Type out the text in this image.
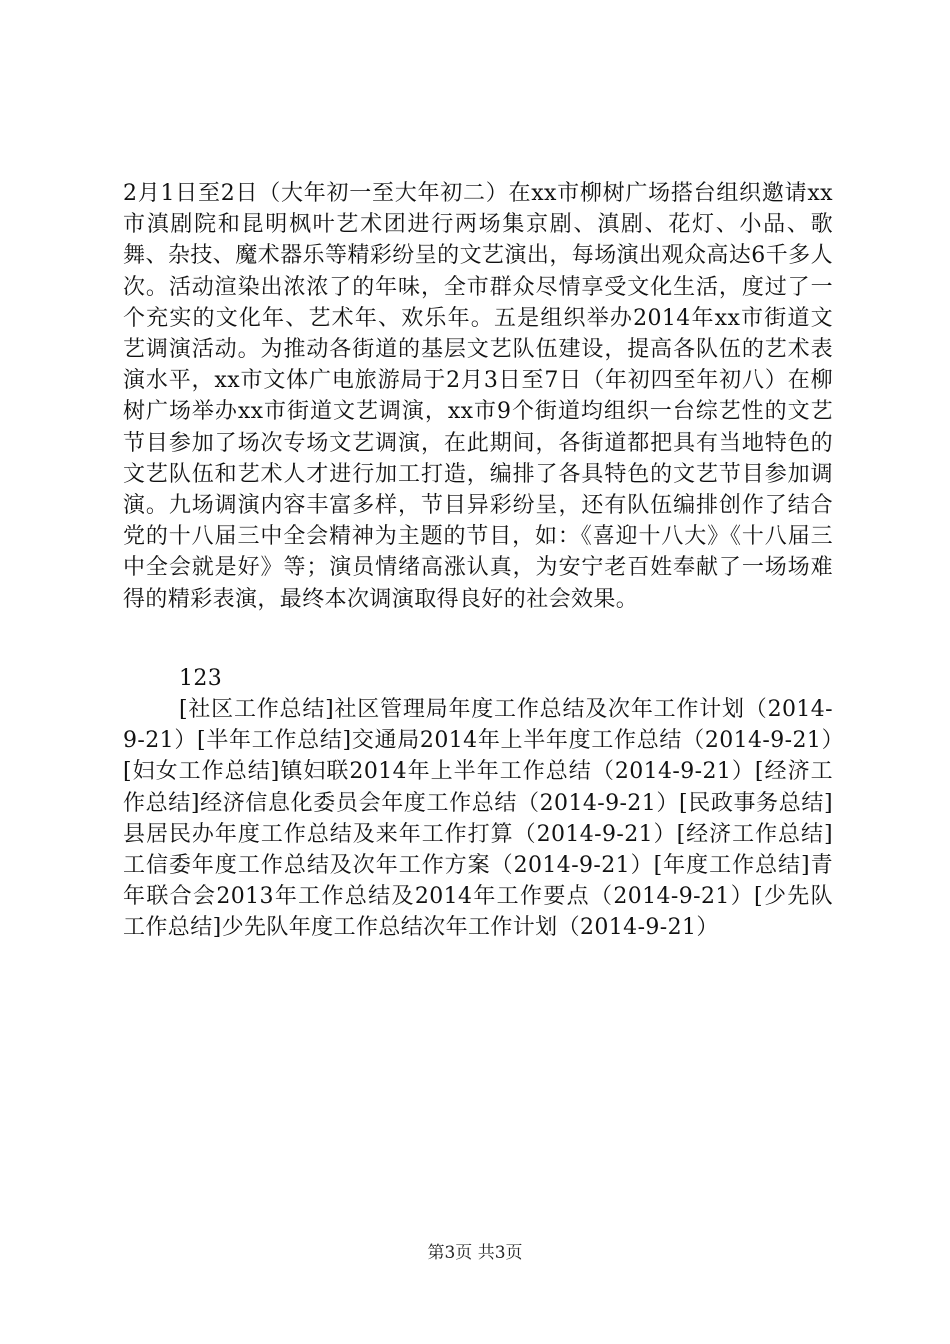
2月1日至2日（大年初一至大年初二）在xx市柳树广场搭台组织邀请xx市滇剧院和昆明枫叶艺术团进行两场集京剧、滇剧、花灯、小品、歌舞、杂技、魔术器乐等精彩纷呈的文艺演出，每场演出观众高达6千多人次。活动渲染出浓浓了的年味，全市群众尽情享受文化生活，度过了一个充实的文化年、艺术年、欢乐年。五是组织举办2014年xx市街道文艺调演活动。为推动各街道的基层文艺队伍建设，提高各队伍的艺术表演水平，xx市文体广电旅游局于2月3日至7日（年初四至年初八）在柳树广场举办xx市街道文艺调演，xx市9个街道均组织一台综艺性的文艺节目参加了场次专场文艺调演，在此期间，各街道都把具有当地特色的文艺队伍和艺术人才进行加工打造，编排了各具特色的文艺节目参加调演。九场调演内容丰富多样，节目异彩纷呈，还有队伍编排创作了结合党的十八届三中全会精神为主题的节目，如：《喜迎十八大》《十八届三中全会就是好》等；演员情绪高涨认真，为安宁老百姓奉献了一场场难得的精彩表演，最终本次调演取得良好的社会效果。
123
[社区工作总结]社区管理局年度工作总结及次年工作计划（2014-9-21）[半年工作总结]交通局2014年上半年度工作总结（2014-9-21）[妇女工作总结]镇妇联2014年上半年工作总结（2014-9-21）[经济工作总结]经济信息化委员会年度工作总结（2014-9-21）[民政事务总结]县居民办年度工作总结及来年工作打算（2014-9-21）[经济工作总结]工信委年度工作总结及次年工作方案（2014-9-21）[年度工作总结]青年联合会2013年工作总结及2014年工作要点（2014-9-21）[少先队工作总结]少先队年度工作总结次年工作计划（2014-9-21）
第3页 共3页
